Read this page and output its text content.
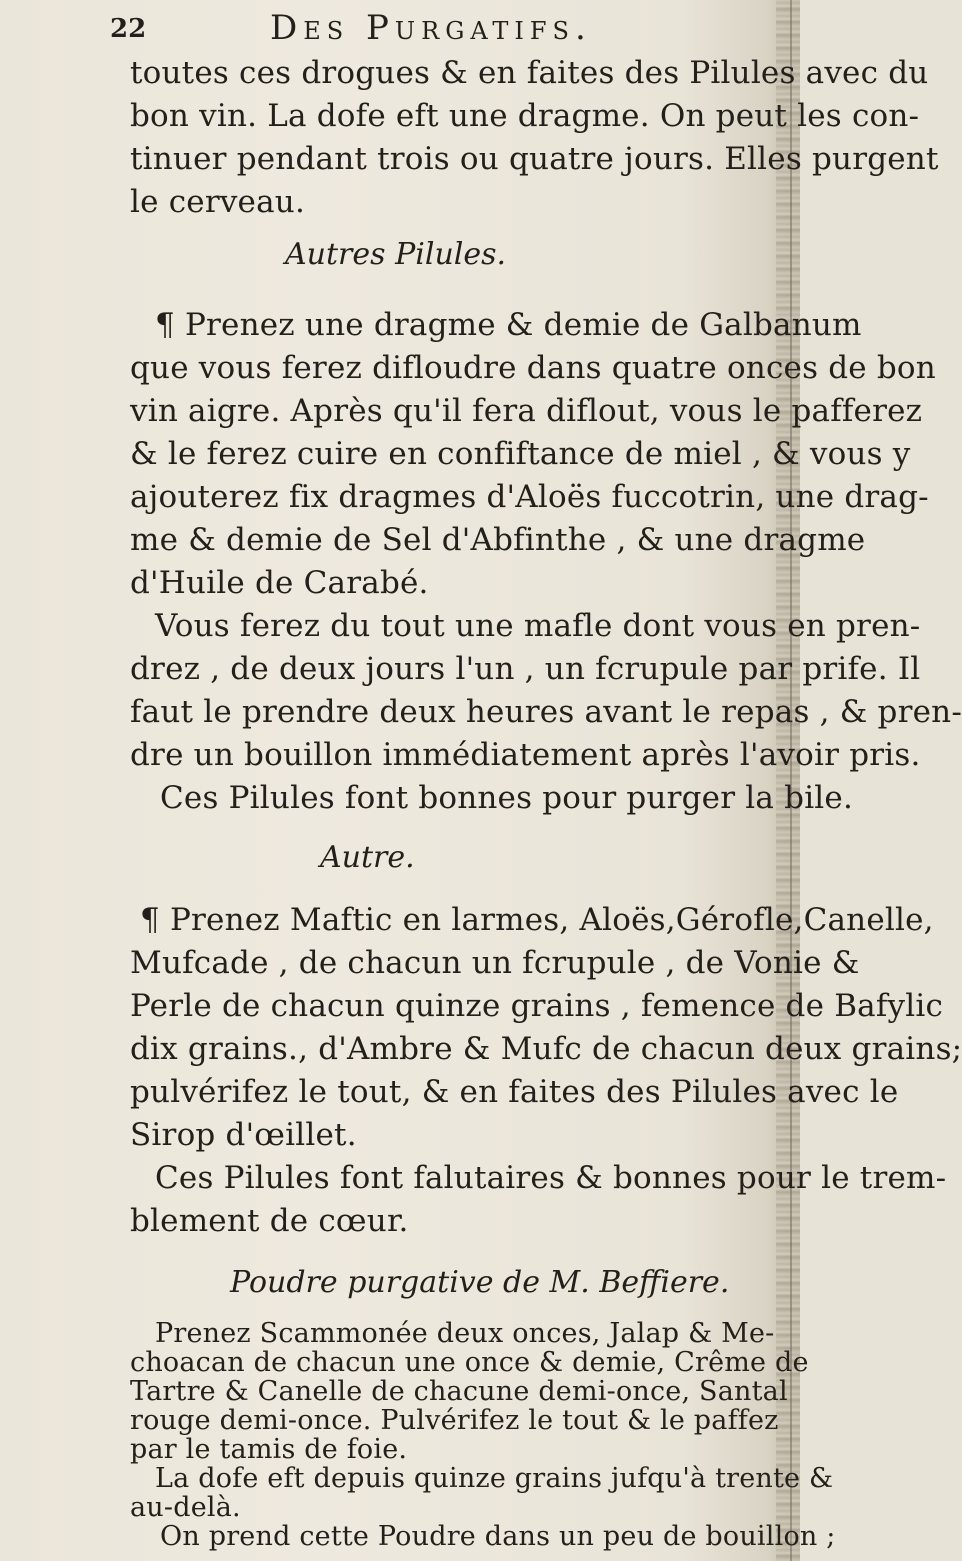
22	Des Purgatifs.
toutes ces drogues & en faites des Pilules avec du
bon vin. La dofe eft une dragme. On peut les con-
tinuer pendant trois ou quatre jours. Elles purgent
le cerveau.
Autres Pilules.
¶ Prenez une dragme & demie de Galbanum
que vous ferez difloudre dans quatre onces de bon
vin aigre. Après qu'il fera diflout, vous le pafferez
& le ferez cuire en confiftance de miel , & vous y
ajouterez fix dragmes d'Aloës fuccotrin, une drag-
me & demie de Sel d'Abfinthe , & une dragme
d'Huile de Carabé.
Vous ferez du tout une mafle dont vous en pren-
drez , de deux jours l'un , un fcrupule par prife. Il
faut le prendre deux heures avant le repas , & pren-
dre un bouillon immédiatement après l'avoir pris.
Ces Pilules font bonnes pour purger la bile.
Autre.
¶ Prenez Maftic en larmes, Aloës,Gérofle,Canelle,
Mufcade , de chacun un fcrupule , de Vonie &
Perle de chacun quinze grains , femence de Bafylic
dix grains., d'Ambre & Mufc de chacun deux grains;
pulvérifez le tout, & en faites des Pilules avec le
Sirop d'œillet.
Ces Pilules font falutaires & bonnes pour le trem-
blement de cœur.
Poudre purgative de M. Beffiere.
Prenez Scammonée deux onces, Jalap & Me-
choacan de chacun une once & demie, Crême de
Tartre & Canelle de chacune demi-once, Santal
rouge demi-once. Pulvérifez le tout & le paffez
par le tamis de foie.
La dofe eft depuis quinze grains jufqu'à trente &
au-delà.
On prend cette Poudre dans un peu de bouillon ;
